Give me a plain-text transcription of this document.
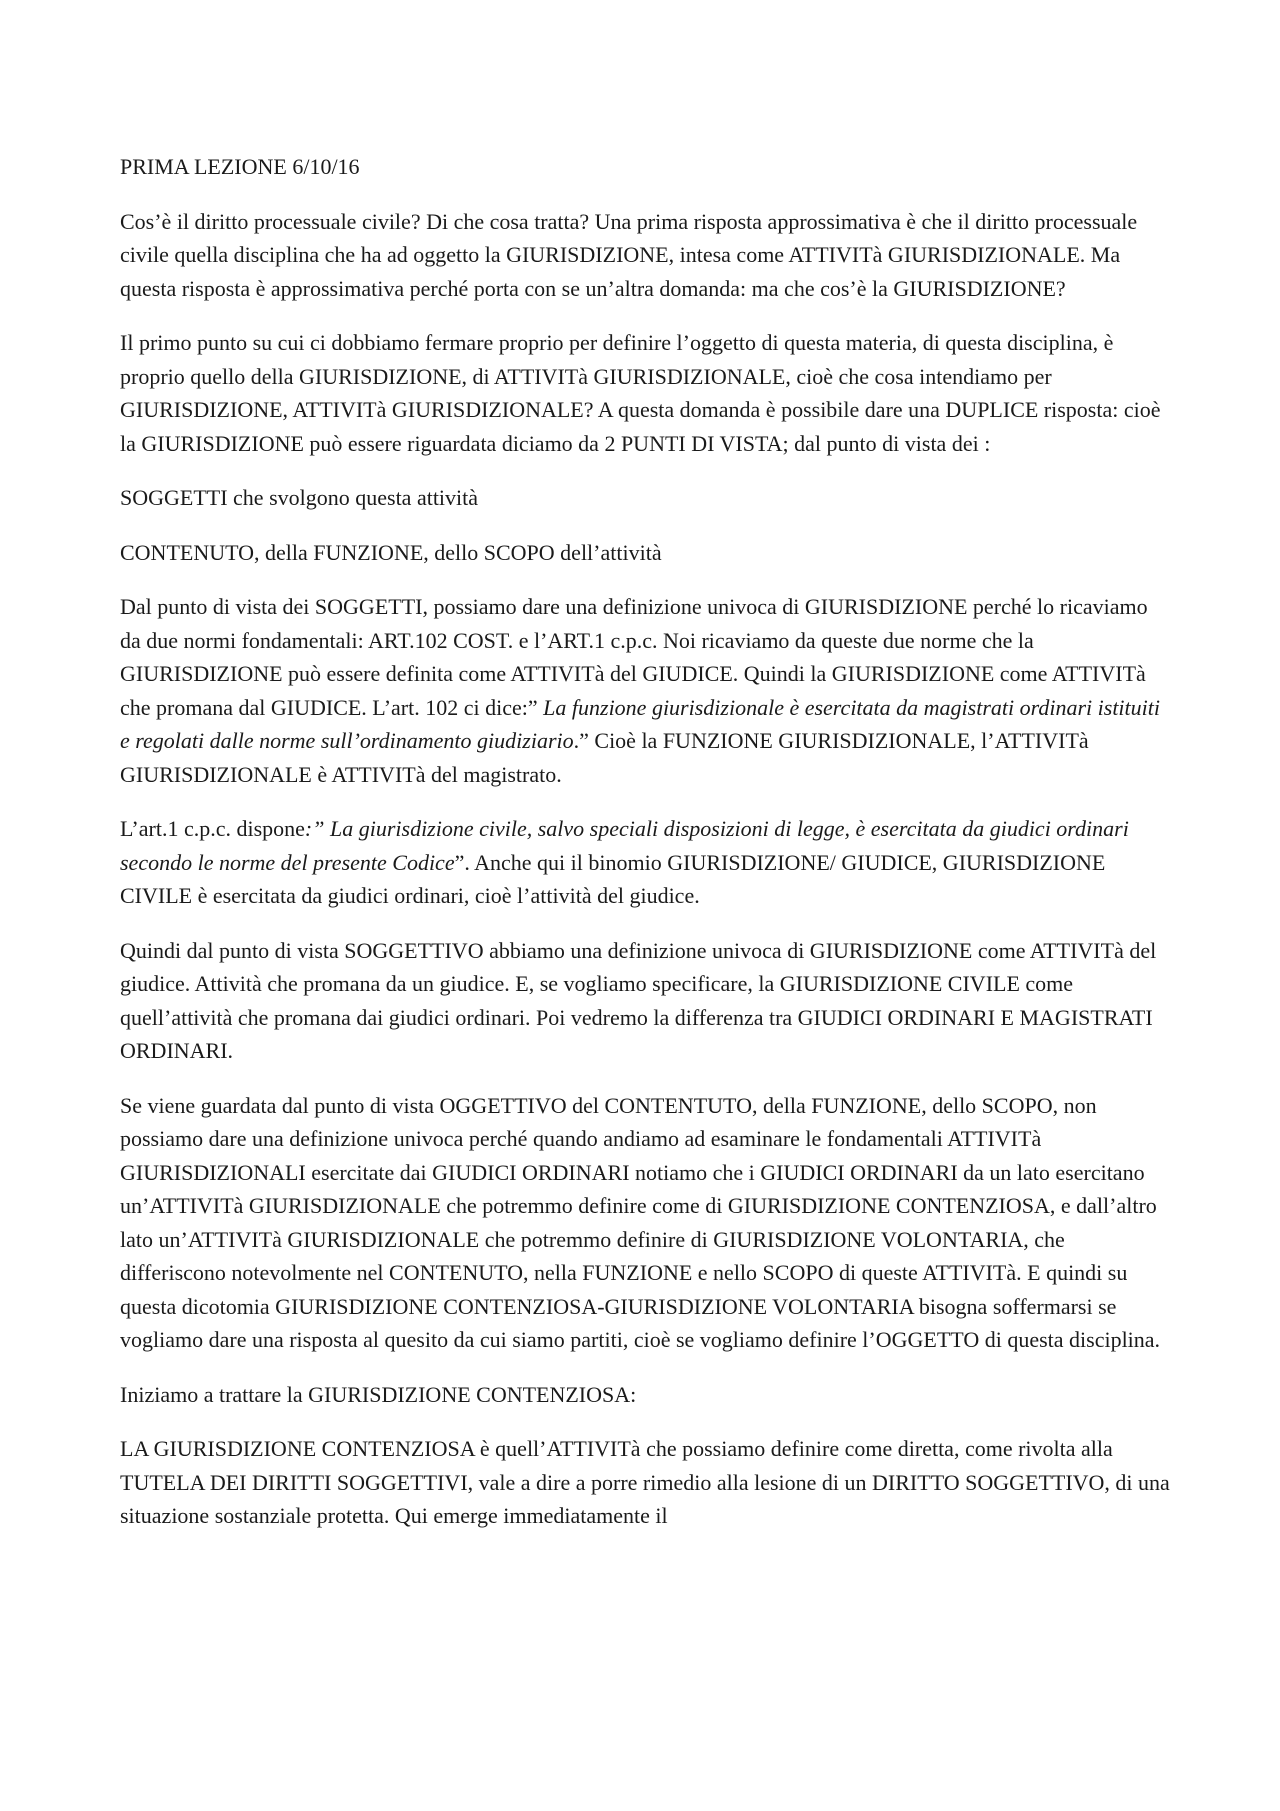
PRIMA LEZIONE 6/10/16

Cos’è il diritto processuale civile? Di che cosa tratta? Una prima risposta approssimativa è che il diritto processuale civile quella disciplina che ha ad oggetto la GIURISDIZIONE, intesa come ATTIVITà GIURISDIZIONALE. Ma questa risposta è approssimativa perché porta con se un’altra domanda: ma che cos’è la GIURISDIZIONE?

Il primo punto su cui ci dobbiamo fermare proprio per definire l’oggetto di questa materia, di questa disciplina, è proprio quello della GIURISDIZIONE, di ATTIVITà GIURISDIZIONALE, cioè che cosa intendiamo per GIURISDIZIONE, ATTIVITà GIURISDIZIONALE? A questa domanda è possibile dare una DUPLICE risposta: cioè la GIURISDIZIONE può essere riguardata diciamo da 2 PUNTI DI VISTA; dal punto di vista dei :

SOGGETTI che svolgono questa attività

CONTENUTO, della FUNZIONE, dello SCOPO dell’attività

Dal punto di vista dei SOGGETTI, possiamo dare una definizione univoca di GIURISDIZIONE perché lo ricaviamo da due normi fondamentali: ART.102 COST. e l’ART.1 c.p.c. Noi ricaviamo da queste due norme che la GIURISDIZIONE può essere definita come ATTIVITà del GIUDICE. Quindi la GIURISDIZIONE come ATTIVITà che promana dal GIUDICE. L’art. 102 ci dice:” La funzione giurisdizionale è esercitata da magistrati ordinari istituiti e regolati dalle norme sull’ordinamento giudiziario.” Cioè la FUNZIONE GIURISDIZIONALE, l’ATTIVITà GIURISDIZIONALE è ATTIVITà del magistrato.

L’art.1 c.p.c. dispone:” La giurisdizione civile, salvo speciali disposizioni di legge, è esercitata da giudici ordinari secondo le norme del presente Codice”. Anche qui il binomio GIURISDIZIONE/ GIUDICE, GIURISDIZIONE CIVILE è esercitata da giudici ordinari, cioè l’attività del giudice.

Quindi dal punto di vista SOGGETTIVO abbiamo una definizione univoca di GIURISDIZIONE come ATTIVITà del giudice. Attività che promana da un giudice. E, se vogliamo specificare, la GIURISDIZIONE CIVILE come quell’attività che promana dai giudici ordinari. Poi vedremo la differenza tra GIUDICI ORDINARI E MAGISTRATI ORDINARI.

Se viene guardata dal punto di vista OGGETTIVO del CONTENTUTO, della FUNZIONE, dello SCOPO, non possiamo dare una definizione univoca perché quando andiamo ad esaminare le fondamentali ATTIVITà GIURISDIZIONALI esercitate dai GIUDICI ORDINARI notiamo che i GIUDICI ORDINARI da un lato esercitano un’ATTIVITà GIURISDIZIONALE che potremmo definire come di GIURISDIZIONE CONTENZIOSA, e dall’altro lato un’ATTIVITà GIURISDIZIONALE che potremmo definire di GIURISDIZIONE VOLONTARIA, che differiscono notevolmente nel CONTENUTO, nella FUNZIONE e nello SCOPO di queste ATTIVITà. E quindi su questa dicotomia GIURISDIZIONE CONTENZIOSA-GIURISDIZIONE VOLONTARIA bisogna soffermarsi se vogliamo dare una risposta al quesito da cui siamo partiti, cioè se vogliamo definire l’OGGETTO di questa disciplina.

Iniziamo a trattare la GIURISDIZIONE CONTENZIOSA:

LA GIURISDIZIONE CONTENZIOSA è quell’ATTIVITà che possiamo definire come diretta, come rivolta alla TUTELA DEI DIRITTI SOGGETTIVI, vale a dire a porre rimedio alla lesione di un DIRITTO SOGGETTIVO, di una situazione sostanziale protetta. Qui emerge immediatamente il
